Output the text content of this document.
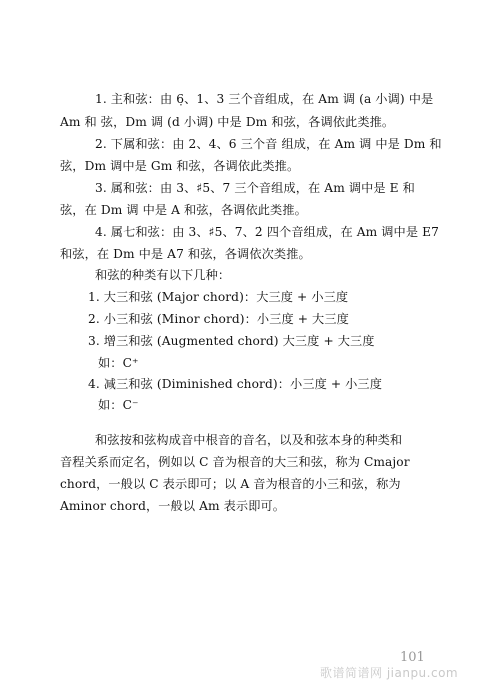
1. 主和弦：由 6̣、1、3 三个音组成，在 Am 调 (a 小调) 中是
Am 和 弦，Dm 调 (d 小调) 中是 Dm 和弦，各调依此类推。
2. 下属和弦：由 2、4、6 三个音 组成，在 Am 调 中是 Dm 和
弦，Dm 调中是 Gm 和弦，各调依此类推。
3. 属和弦：由 3、♯5、7 三个音组成，在 Am 调中是 E 和
弦，在 Dm 调 中是 A 和弦，各调依此类推。
4. 属七和弦：由 3、♯5、7、2̇ 四个音组成，在 Am 调中是 E7
和弦，在 Dm 中是 A7 和弦，各调依次类推。
和弦的种类有以下几种：
1. 大三和弦 (Major chord)：大三度 + 小三度
2. 小三和弦 (Minor chord)：小三度 + 大三度
3. 增三和弦 (Augmented chord) 大三度 + 大三度
如：C⁺
4. 减三和弦 (Diminished chord)：小三度 + 小三度
如：C⁻
和弦按和弦构成音中根音的音名，以及和弦本身的种类和
音程关系而定名，例如以 C 音为根音的大三和弦，称为 Cmajor
chord，一般以 C 表示即可；以 A 音为根音的小三和弦，称为
Aminor chord，一般以 Am 表示即可。
101
歌谱简谱网 jianpu.com
